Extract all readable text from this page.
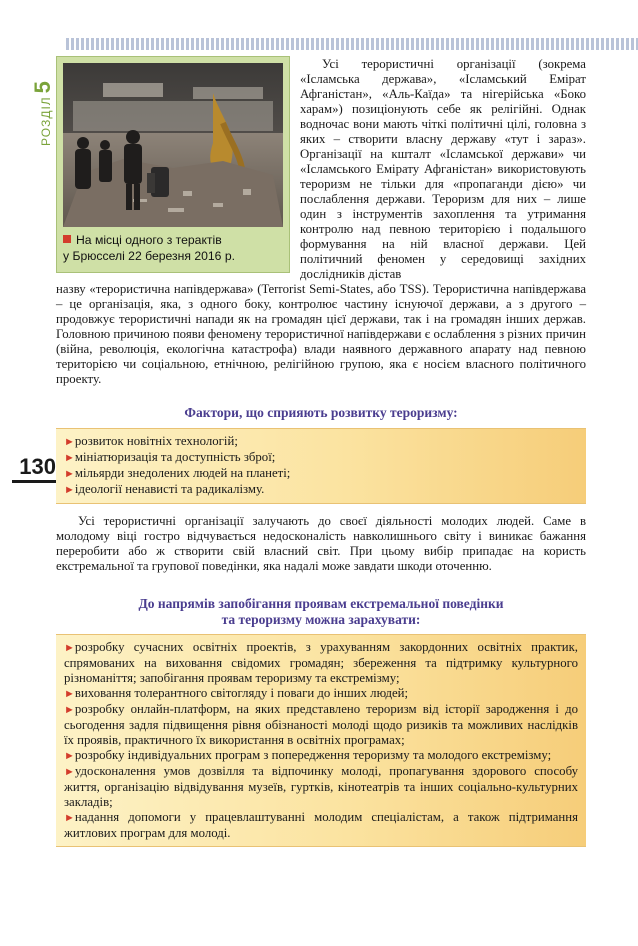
РОЗДІЛ5
130
На місці одного з терактів
у Брюсселі 22 березня 2016 р.

Усі терористичні організації (зокрема «Ісламська держава», «Ісламський Емірат Афганістан», «Аль-Каїда» та нігерійська «Боко харам») позиціонують себе як релігійні. Однак водночас вони мають чіткі політичні цілі, головна з яких – створити власну державу «тут і зараз». Організації на кшталт «Ісламської держави» чи «Ісламського Емірату Афганістан» використовують тероризм не тільки для «пропаганди дією» чи послаблення держави. Тероризм для них – лише один з інструментів захоплення та утримання контролю над певною територією і подальшого формування на ній власної держави. Цей політичний феномен у середовищі західних дослідників дістав

назву «терористична напівдержава» (Terrorist Semi-States, або TSS). Терористична напівдержава – це організація, яка, з одного боку, контролює частину існуючої держави, а з другого – продовжує терористичні напади як на громадян цієї держави, так і на громадян інших держав. Головною причиною появи феномену терористичної напівдержави є ослаблення з різних причин (війна, революція, екологічна катастрофа) влади наявного державного апарату над певною територією чи соціальною, етнічною, релігійною групою, яка є носієм власного політичного проекту.

Фактори, що сприяють розвитку тероризму:
►розвиток новітніх технологій;
►мініатюризація та доступність зброї;
►мільярди знедолених людей на планеті;
►ідеології ненависті та радикалізму.

Усі терористичні організації залучають до своєї діяльності молодих людей. Саме в молодому віці гостро відчувається недосконалість навколишнього світу і виникає бажання переробити або ж створити свій власний світ. При цьому вибір припадає на користь екстремальної та групової поведінки, яка надалі може завдати шкоди оточенню.

До напрямів запобігання проявам екстремальної поведінки
та тероризму можна зарахувати:
►розробку сучасних освітніх проектів, з урахуванням закордонних освітніх практик, спрямованих на виховання свідомих громадян; збереження та підтримку культурного різноманіття; запобігання проявам тероризму та екстремізму;
►виховання толерантного світогляду і поваги до інших людей;
►розробку онлайн-платформ, на яких представлено тероризм від історії зародження і до сьогодення задля підвищення рівня обізнаності молоді щодо ризиків та можливих наслідків їх проявів, практичного їх використання в освітніх програмах;
►розробку індивідуальних програм з попередження тероризму та молодого екстремізму;
►удосконалення умов дозвілля та відпочинку молоді, пропагування здорового способу життя, організацію відвідування музеїв, гуртків, кінотеатрів та інших соціально-культурних закладів;
►надання допомоги у працевлаштуванні молодим спеціалістам, а також підтримання житлових програм для молоді.
